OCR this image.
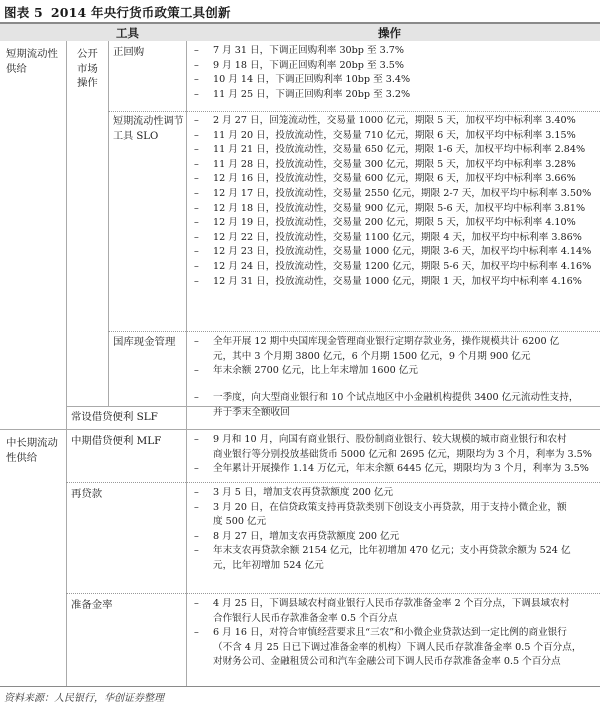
图表 5 2014 年央行货币政策工具创新
工具	操作
短期流动性供给
公开市场操作
中长期流动性供给
正回购
短期流动性调节工具 SLO
国库现金管理
常设借贷便利 SLF
中期借贷便利 MLF
再贷款
准备金率
– 7 月 31 日，下调正回购利率 30bp 至 3.7%
– 9 月 18 日，下调正回购利率 20bp 至 3.5%
– 10 月 14 日，下调正回购利率 10bp 至 3.4%
– 11 月 25 日，下调正回购利率 20bp 至 3.2%
– 2 月 27 日，回笼流动性，交易量 1000 亿元，期限 5 天，加权平均中标利率 3.40%
– 11 月 20 日，投放流动性，交易量 710 亿元，期限 6 天，加权平均中标利率 3.15%
– 11 月 21 日，投放流动性，交易量 650 亿元，期限 1-6 天，加权平均中标利率 2.84%
– 11 月 28 日，投放流动性，交易量 300 亿元，期限 5 天，加权平均中标利率 3.28%
– 12 月 16 日，投放流动性，交易量 600 亿元，期限 6 天，加权平均中标利率 3.66%
– 12 月 17 日，投放流动性，交易量 2550 亿元，期限 2-7 天，加权平均中标利率 3.50%
– 12 月 18 日，投放流动性，交易量 900 亿元，期限 5-6 天，加权平均中标利率 3.81%
– 12 月 19 日，投放流动性，交易量 200 亿元，期限 5 天，加权平均中标利率 4.10%
– 12 月 22 日，投放流动性，交易量 1100 亿元，期限 4 天，加权平均中标利率 3.86%
– 12 月 23 日，投放流动性，交易量 1000 亿元，期限 3-6 天，加权平均中标利率 4.14%
– 12 月 24 日，投放流动性，交易量 1200 亿元，期限 5-6 天，加权平均中标利率 4.16%
– 12 月 31 日，投放流动性，交易量 1000 亿元，期限 1 天，加权平均中标利率 4.16%
– 全年开展 12 期中央国库现金管理商业银行定期存款业务，操作规模共计 6200 亿
元，其中 3 个月期 3800 亿元，6 个月期 1500 亿元，9 个月期 900 亿元
– 年末余额 2700 亿元，比上年末增加 1600 亿元
– 一季度，向大型商业银行和 10 个试点地区中小金融机构提供 3400 亿元流动性支持，
并于季末全额收回
– 9 月和 10 月，向国有商业银行、股份制商业银行、较大规模的城市商业银行和农村
商业银行等分别投放基础货币 5000 亿元和 2695 亿元，期限均为 3 个月，利率为 3.5%
– 全年累计开展操作 1.14 万亿元，年末余额 6445 亿元，期限均为 3 个月，利率为 3.5%
– 3 月 5 日，增加支农再贷款额度 200 亿元
– 3 月 20 日，在信贷政策支持再贷款类别下创设支小再贷款，用于支持小微企业，额
度 500 亿元
– 8 月 27 日，增加支农再贷款额度 200 亿元
– 年末支农再贷款余额 2154 亿元，比年初增加 470 亿元；支小再贷款余额为 524 亿
元，比年初增加 524 亿元
– 4 月 25 日，下调县域农村商业银行人民币存款准备金率 2 个百分点，下调县域农村
合作银行人民币存款准备金率 0.5 个百分点
– 6 月 16 日，对符合审慎经营要求且“三农”和小微企业贷款达到一定比例的商业银行
（不含 4 月 25 日已下调过准备金率的机构）下调人民币存款准备金率 0.5 个百分点，
对财务公司、金融租赁公司和汽车金融公司下调人民币存款准备金率 0.5 个百分点
资料来源：人民银行，华创证券整理
